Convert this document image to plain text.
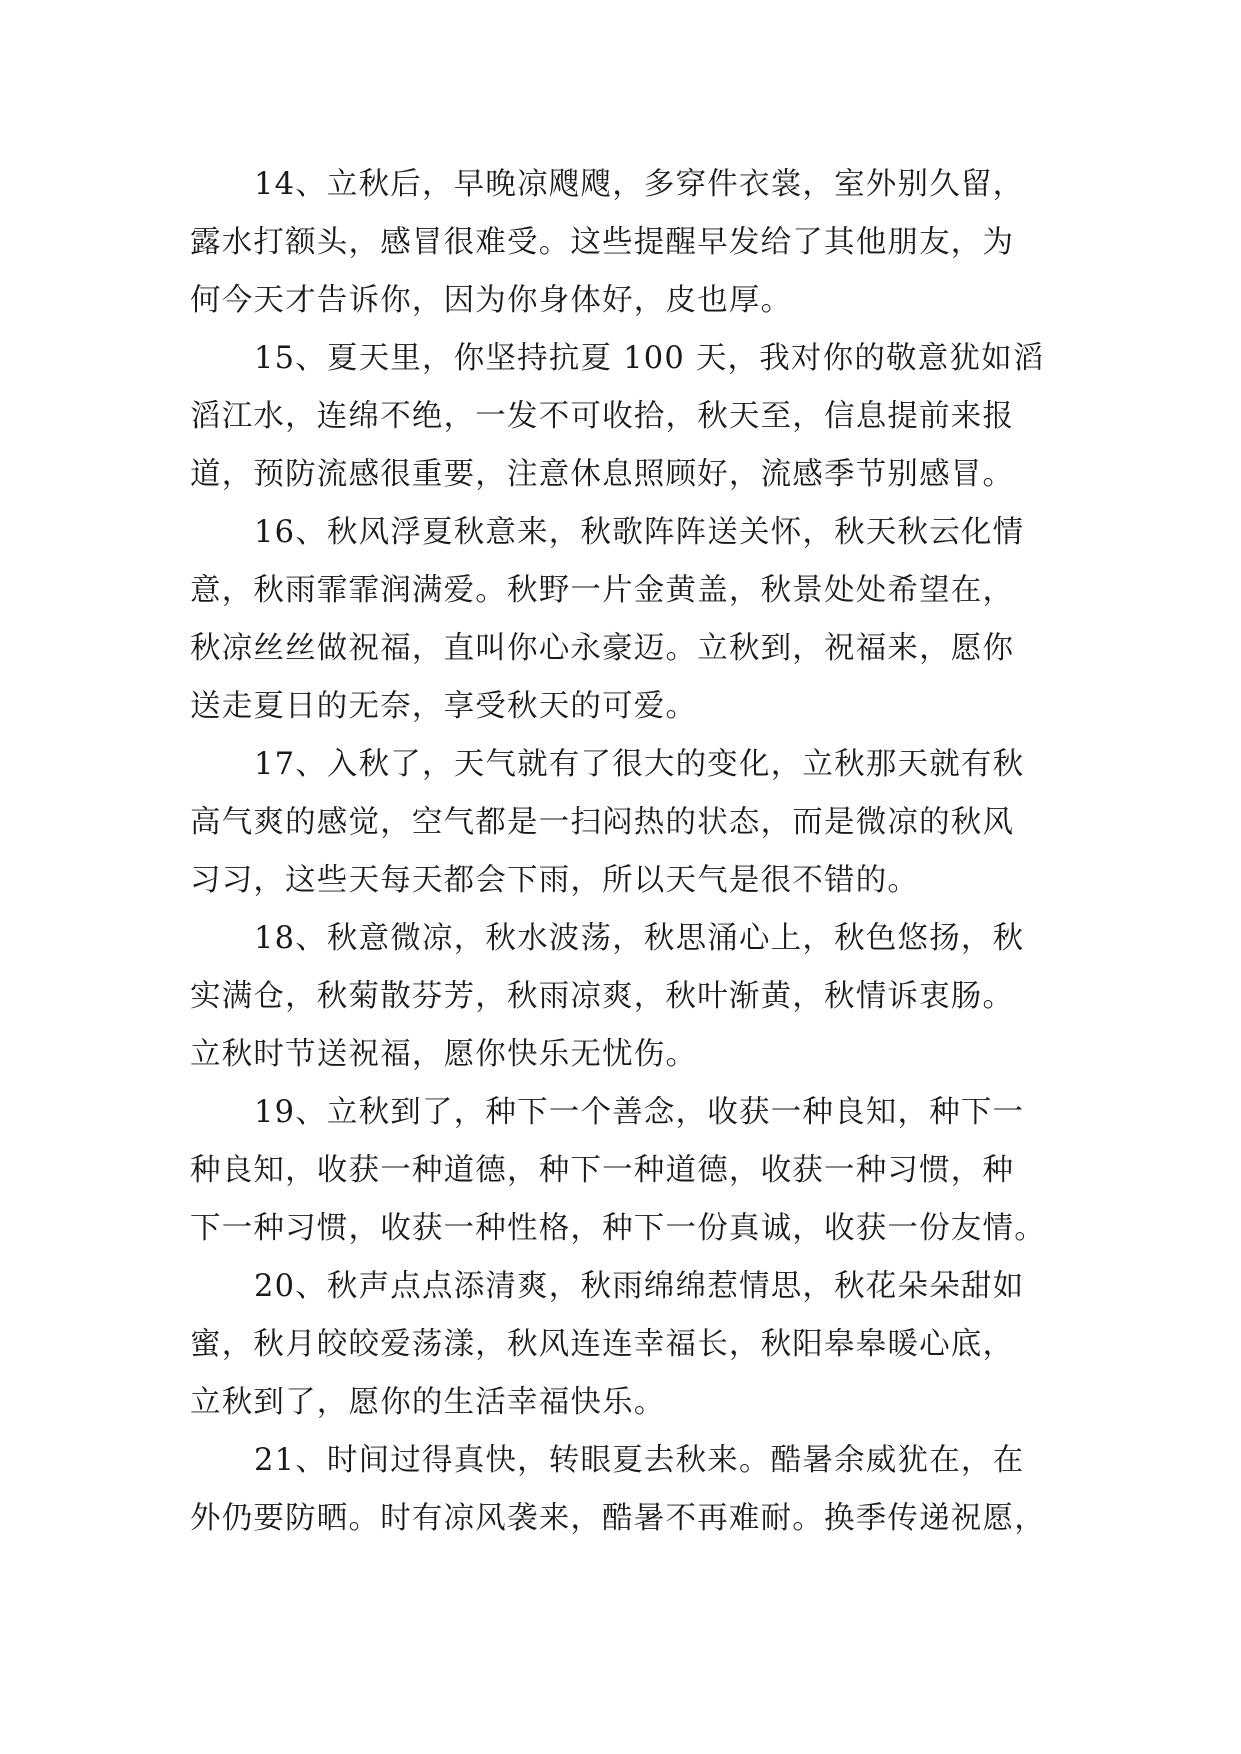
14、立秋后，早晚凉飕飕，多穿件衣裳，室外别久留，
露水打额头，感冒很难受。这些提醒早发给了其他朋友，为
何今天才告诉你，因为你身体好，皮也厚。
15、夏天里，你坚持抗夏 100 天，我对你的敬意犹如滔
滔江水，连绵不绝，一发不可收拾，秋天至，信息提前来报
道，预防流感很重要，注意休息照顾好，流感季节别感冒。
16、秋风浮夏秋意来，秋歌阵阵送关怀，秋天秋云化情
意，秋雨霏霏润满爱。秋野一片金黄盖，秋景处处希望在，
秋凉丝丝做祝福，直叫你心永豪迈。立秋到，祝福来，愿你
送走夏日的无奈，享受秋天的可爱。
17、入秋了，天气就有了很大的变化，立秋那天就有秋
高气爽的感觉，空气都是一扫闷热的状态，而是微凉的秋风
习习，这些天每天都会下雨，所以天气是很不错的。
18、秋意微凉，秋水波荡，秋思涌心上，秋色悠扬，秋
实满仓，秋菊散芬芳，秋雨凉爽，秋叶渐黄，秋情诉衷肠。
立秋时节送祝福，愿你快乐无忧伤。
19、立秋到了，种下一个善念，收获一种良知，种下一
种良知，收获一种道德，种下一种道德，收获一种习惯，种
下一种习惯，收获一种性格，种下一份真诚，收获一份友情。
20、秋声点点添清爽，秋雨绵绵惹情思，秋花朵朵甜如
蜜，秋月皎皎爱荡漾，秋风连连幸福长，秋阳皋皋暖心底，
立秋到了，愿你的生活幸福快乐。
21、时间过得真快，转眼夏去秋来。酷暑余威犹在，在
外仍要防晒。时有凉风袭来，酷暑不再难耐。换季传递祝愿，
